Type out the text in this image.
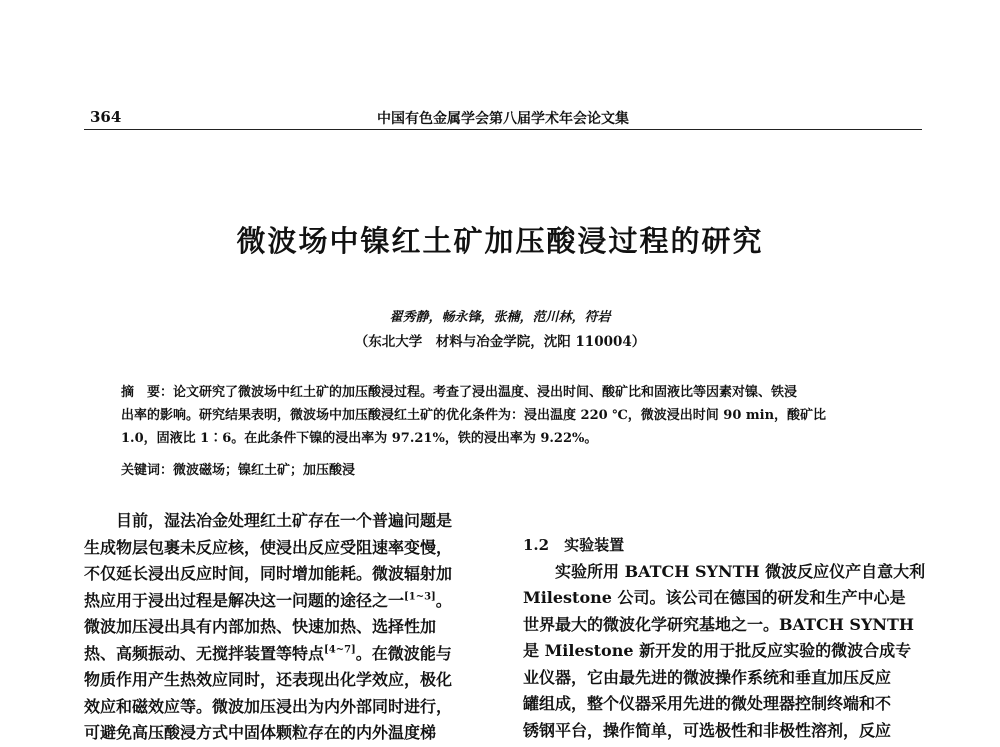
364	中国有色金属学会第八届学术年会论文集
微波场中镍红土矿加压酸浸过程的研究
翟秀静，畅永锋，张楠，范川林，符岩
（东北大学　材料与冶金学院，沈阳 110004）

摘　要：论文研究了微波场中红土矿的加压酸浸过程。考查了浸出温度、浸出时间、酸矿比和固液比等因素对镍、铁浸

出率的影响。研究结果表明，微波场中加压酸浸红土矿的优化条件为：浸出温度 220 ℃，微波浸出时间 90 min，酸矿比

1.0，固液比 1∶6。在此条件下镍的浸出率为 97.21%，铁的浸出率为 9.22%。

关键词：微波磁场；镍红土矿；加压酸浸

目前，湿法冶金处理红土矿存在一个普遍问题是

生成物层包裹未反应核，使浸出反应受阻速率变慢，

不仅延长浸出反应时间，同时增加能耗。微波辐射加

热应用于浸出过程是解决这一问题的途径之一[1~3]。

微波加压浸出具有内部加热、快速加热、选择性加

热、高频振动、无搅拌装置等特点[4~7]。在微波能与

物质作用产生热效应同时，还表现出化学效应，极化

效应和磁效应等。微波加压浸出为内外部同时进行，

可避免高压酸浸方式中固体颗粒存在的内外温度梯

1.2　实验装置

实验所用 BATCH SYNTH 微波反应仪产自意大利

Milestone 公司。该公司在德国的研发和生产中心是

世界最大的微波化学研究基地之一。BATCH SYNTH

是 Milestone 新开发的用于批反应实验的微波合成专

业仪器，它由最先进的微波操作系统和垂直加压反应

罐组成，整个仪器采用先进的微处理器控制终端和不

锈钢平台，操作简单，可选极性和非极性溶剂，反应
